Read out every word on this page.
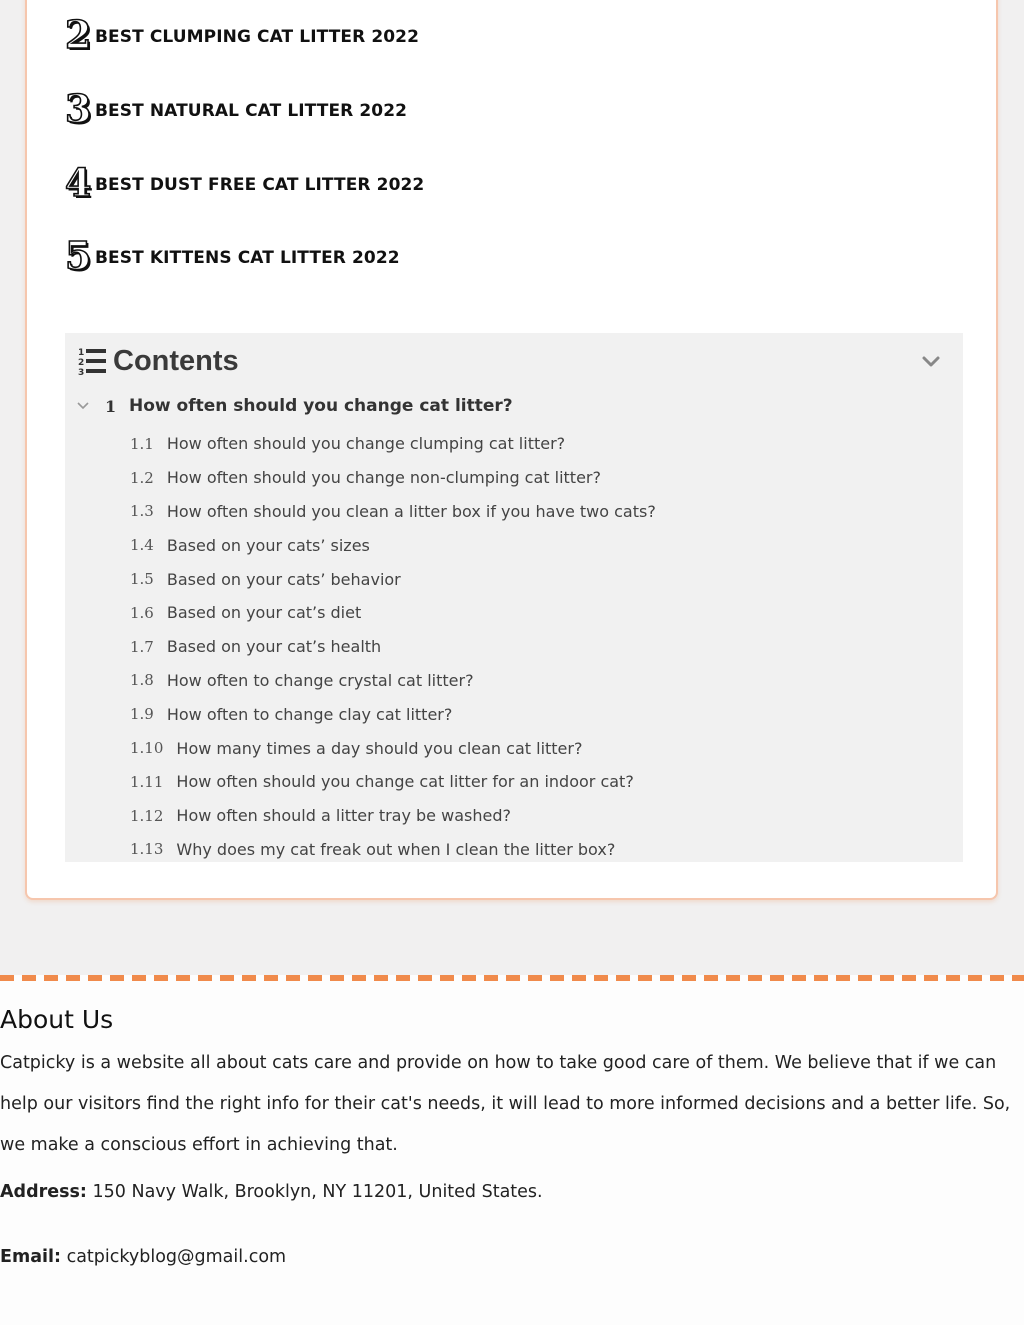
2 BEST CLUMPING CAT LITTER 2022
3 BEST NATURAL CAT LITTER 2022
4 BEST DUST FREE CAT LITTER 2022
5 BEST KITTENS CAT LITTER 2022
1
2
3 Contents
1 How often should you change cat litter?
1.1 How often should you change clumping cat litter?
1.2 How often should you change non-clumping cat litter?
1.3 How often should you clean a litter box if you have two cats?
1.4 Based on your cats’ sizes
1.5 Based on your cats’ behavior
1.6 Based on your cat’s diet
1.7 Based on your cat’s health
1.8 How often to change crystal cat litter?
1.9 How often to change clay cat litter?
1.10 How many times a day should you clean cat litter?
1.11 How often should you change cat litter for an indoor cat?
1.12 How often should a litter tray be washed?
1.13 Why does my cat freak out when I clean the litter box?
About Us

Catpicky is a website all about cats care and provide on how to take good care of them. We believe that if we can help our visitors find the right info for their cat's needs, it will lead to more informed decisions and a better life. So, we make a conscious effort in achieving that.

Address: 150 Navy Walk, Brooklyn, NY 11201, United States.
Email: catpickyblog@gmail.com
